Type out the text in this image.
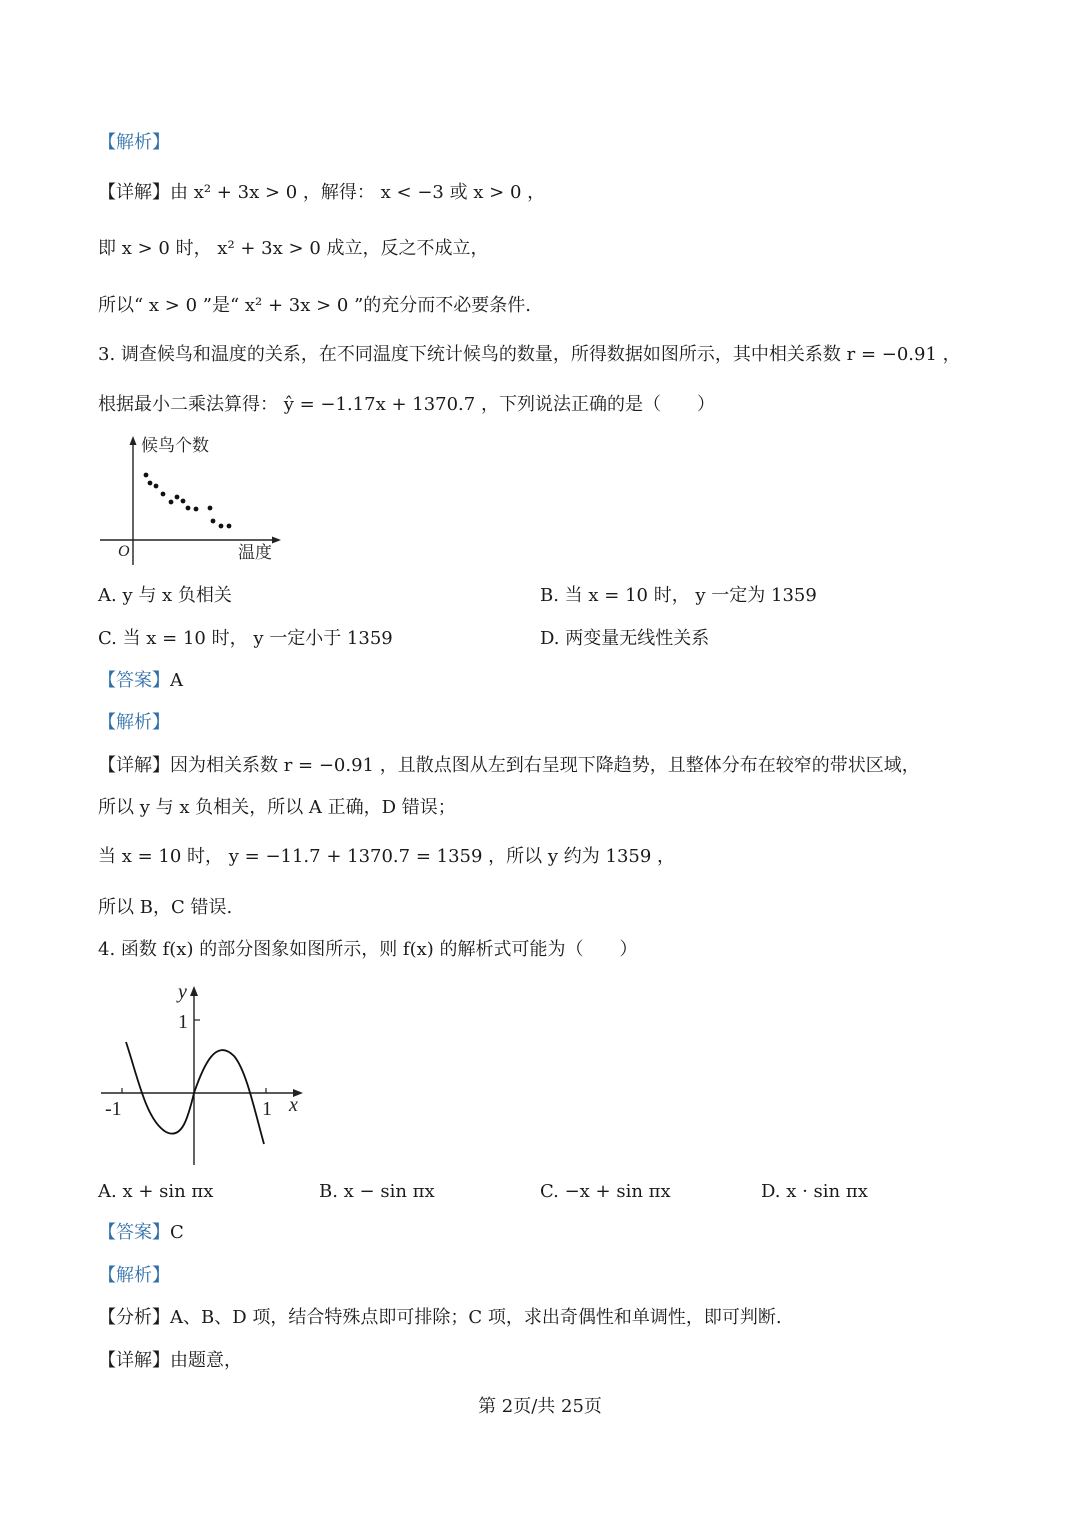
【解析】
【详解】由 x² + 3x > 0 ，解得： x < −3 或 x > 0 ，
即 x > 0 时， x² + 3x > 0 成立，反之不成立，
所以“ x > 0 ”是“ x² + 3x > 0 ”的充分而不必要条件.
3. 调查候鸟和温度的关系，在不同温度下统计候鸟的数量，所得数据如图所示，其中相关系数 r = −0.91 ，
根据最小二乘法算得： ŷ = −1.17x + 1370.7 ，下列说法正确的是（　　）
候鸟个数
温度
O
A. y 与 x 负相关	B. 当 x = 10 时， y 一定为 1359
C. 当 x = 10 时， y 一定小于 1359	D. 两变量无线性关系
【答案】A
【解析】
【详解】因为相关系数 r = −0.91 ，且散点图从左到右呈现下降趋势，且整体分布在较窄的带状区域，
所以 y 与 x 负相关，所以 A 正确，D 错误；
当 x = 10 时， y = −11.7 + 1370.7 = 1359 ，所以 y 约为 1359 ，
所以 B，C 错误.
4. 函数 f(x) 的部分图象如图所示，则 f(x) 的解析式可能为（　　）
y
1
-1	1 x
A. x + sin πx	B. x − sin πx	C. −x + sin πx	D. x · sin πx
【答案】C
【解析】
【分析】A、B、D 项，结合特殊点即可排除；C 项，求出奇偶性和单调性，即可判断.
【详解】由题意，
第 2页/共 25页
